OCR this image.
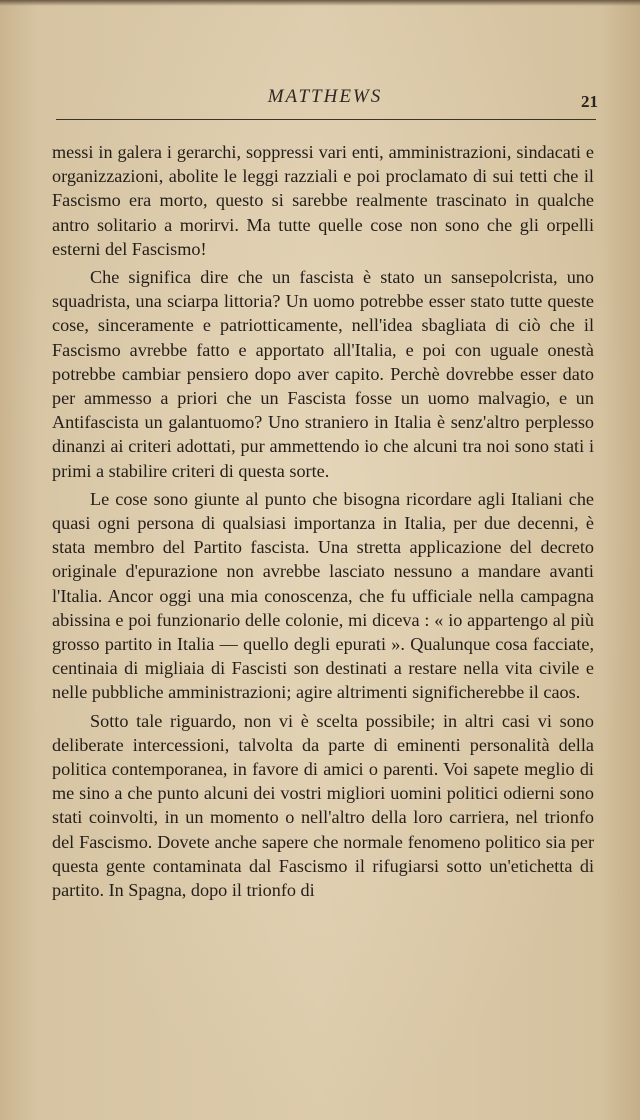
MATTHEWS	21

messi in galera i gerarchi, soppressi vari enti, amministrazioni, sindacati e organizzazioni, abolite le leggi razziali e poi proclamato di sui tetti che il Fascismo era morto, questo si sarebbe realmente trascinato in qualche antro solitario a morirvi. Ma tutte quelle cose non sono che gli orpelli esterni del Fascismo!

Che significa dire che un fascista è stato un sansepolcrista, uno squadrista, una sciarpa littoria? Un uomo potrebbe esser stato tutte queste cose, sinceramente e patriotticamente, nell'idea sbagliata di ciò che il Fascismo avrebbe fatto e apportato all'Italia, e poi con uguale onestà potrebbe cambiar pensiero dopo aver capito. Perchè dovrebbe esser dato per ammesso a priori che un Fascista fosse un uomo malvagio, e un Antifascista un galantuomo? Uno straniero in Italia è senz'altro perplesso dinanzi ai criteri adottati, pur ammettendo io che alcuni tra noi sono stati i primi a stabilire criteri di questa sorte.

Le cose sono giunte al punto che bisogna ricordare agli Italiani che quasi ogni persona di qualsiasi importanza in Italia, per due decenni, è stata membro del Partito fascista. Una stretta applicazione del decreto originale d'epurazione non avrebbe lasciato nessuno a mandare avanti l'Italia. Ancor oggi una mia conoscenza, che fu ufficiale nella campagna abissina e poi funzionario delle colonie, mi diceva : « io appartengo al più grosso partito in Italia — quello degli epurati ». Qualunque cosa facciate, centinaia di migliaia di Fascisti son destinati a restare nella vita civile e nelle pubbliche amministrazioni; agire altrimenti significherebbe il caos.

Sotto tale riguardo, non vi è scelta possibile; in altri casi vi sono deliberate intercessioni, talvolta da parte di eminenti personalità della politica contemporanea, in favore di amici o parenti. Voi sapete meglio di me sino a che punto alcuni dei vostri migliori uomini politici odierni sono stati coinvolti, in un momento o nell'altro della loro carriera, nel trionfo del Fascismo. Dovete anche sapere che normale fenomeno politico sia per questa gente contaminata dal Fascismo il rifugiarsi sotto un'etichetta di partito. In Spagna, dopo il trionfo di
